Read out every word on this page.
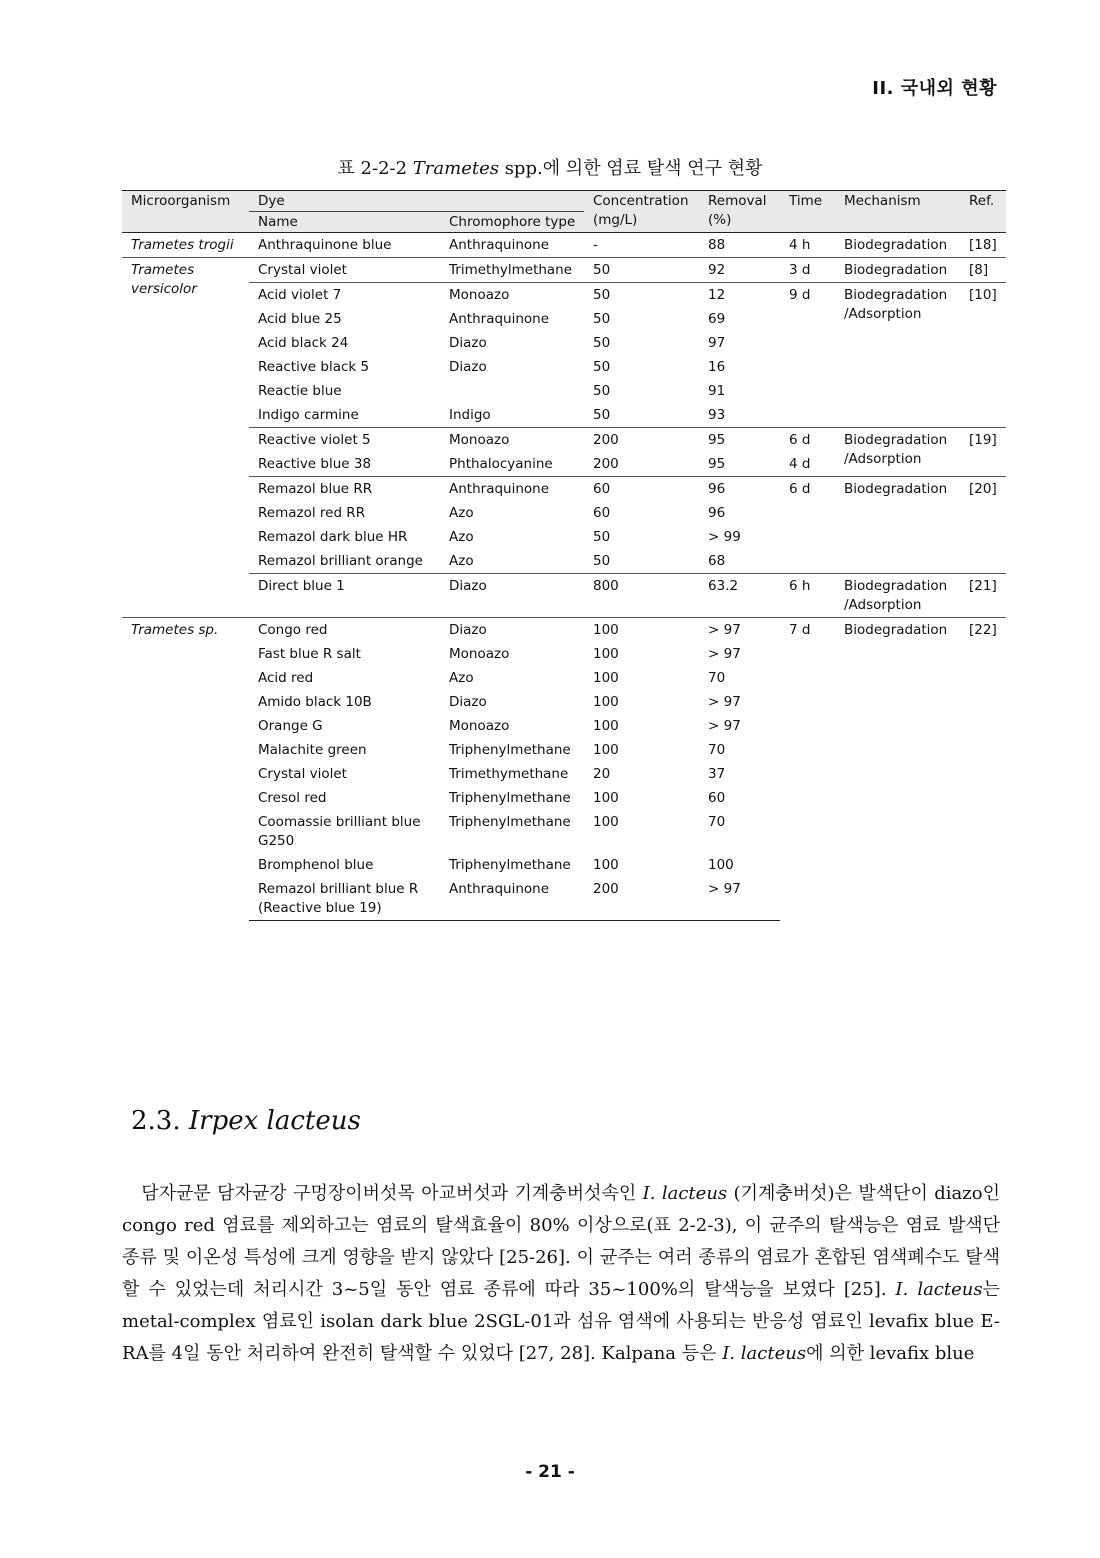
II. 국내외 현황
표 2-2-2 Trametes spp.에 의한 염료 탈색 연구 현황
Microorganism	Dye		Concentration (mg/L)	Removal (%)	Time	Mechanism	Ref.
	Name	Chromophore type					
Trametes trogii	Anthraquinone blue	Anthraquinone	-	88	4 h	Biodegradation	[18]
Trametes versicolor	Crystal violet	Trimethylmethane	50	92	3 d	Biodegradation	[8]
	Acid violet 7	Monoazo	50	12	9 d	Biodegradation /Adsorption	[10]
	Acid blue 25	Anthraquinone	50	69			
	Acid black 24	Diazo	50	97			
	Reactive black 5	Diazo	50	16			
	Reactie blue		50	91			
	Indigo carmine	Indigo	50	93			
	Reactive violet 5	Monoazo	200	95	6 d	Biodegradation /Adsorption	[19]
	Reactive blue 38	Phthalocyanine	200	95	4 d		
	Remazol blue RR	Anthraquinone	60	96	6 d	Biodegradation	[20]
	Remazol red RR	Azo	60	96			
	Remazol dark blue HR	Azo	50	> 99			
	Remazol brilliant orange	Azo	50	68			
	Direct blue 1	Diazo	800	63.2	6 h	Biodegradation /Adsorption	[21]
Trametes sp.	Congo red	Diazo	100	> 97	7 d	Biodegradation	[22]
	Fast blue R salt	Monoazo	100	> 97			
	Acid red	Azo	100	70			
	Amido black 10B	Diazo	100	> 97			
	Orange G	Monoazo	100	> 97			
	Malachite green	Triphenylmethane	100	70			
	Crystal violet	Trimethymethane	20	37			
	Cresol red	Triphenylmethane	100	60			
	Coomassie brilliant blue G250	Triphenylmethane	100	70			
	Bromphenol blue	Triphenylmethane	100	100			
	Remazol brilliant blue R (Reactive blue 19)	Anthraquinone	200	> 97			
2.3. Irpex lacteus

담자균문 담자균강 구멍장이버섯목 아교버섯과 기계충버섯속인 I. lacteus (기계충버섯)은 발색단이 diazo인 congo red 염료를 제외하고는 염료의 탈색효율이 80% 이상으로(표 2-2-3), 이 균주의 탈색능은 염료 발색단 종류 및 이온성 특성에 크게 영향을 받지 않았다 [25-26]. 이 균주는 여러 종류의 염료가 혼합된 염색폐수도 탈색할 수 있었는데 처리시간 3~5일 동안 염료 종류에 따라 35~100%의 탈색능을 보였다 [25]. I. lacteus는 metal-complex 염료인 isolan dark blue 2SGL-01과 섬유 염색에 사용되는 반응성 염료인 levafix blue E-RA를 4일 동안 처리하여 완전히 탈색할 수 있었다 [27, 28]. Kalpana 등은 I. lacteus에 의한 levafix blue

- 21 -
